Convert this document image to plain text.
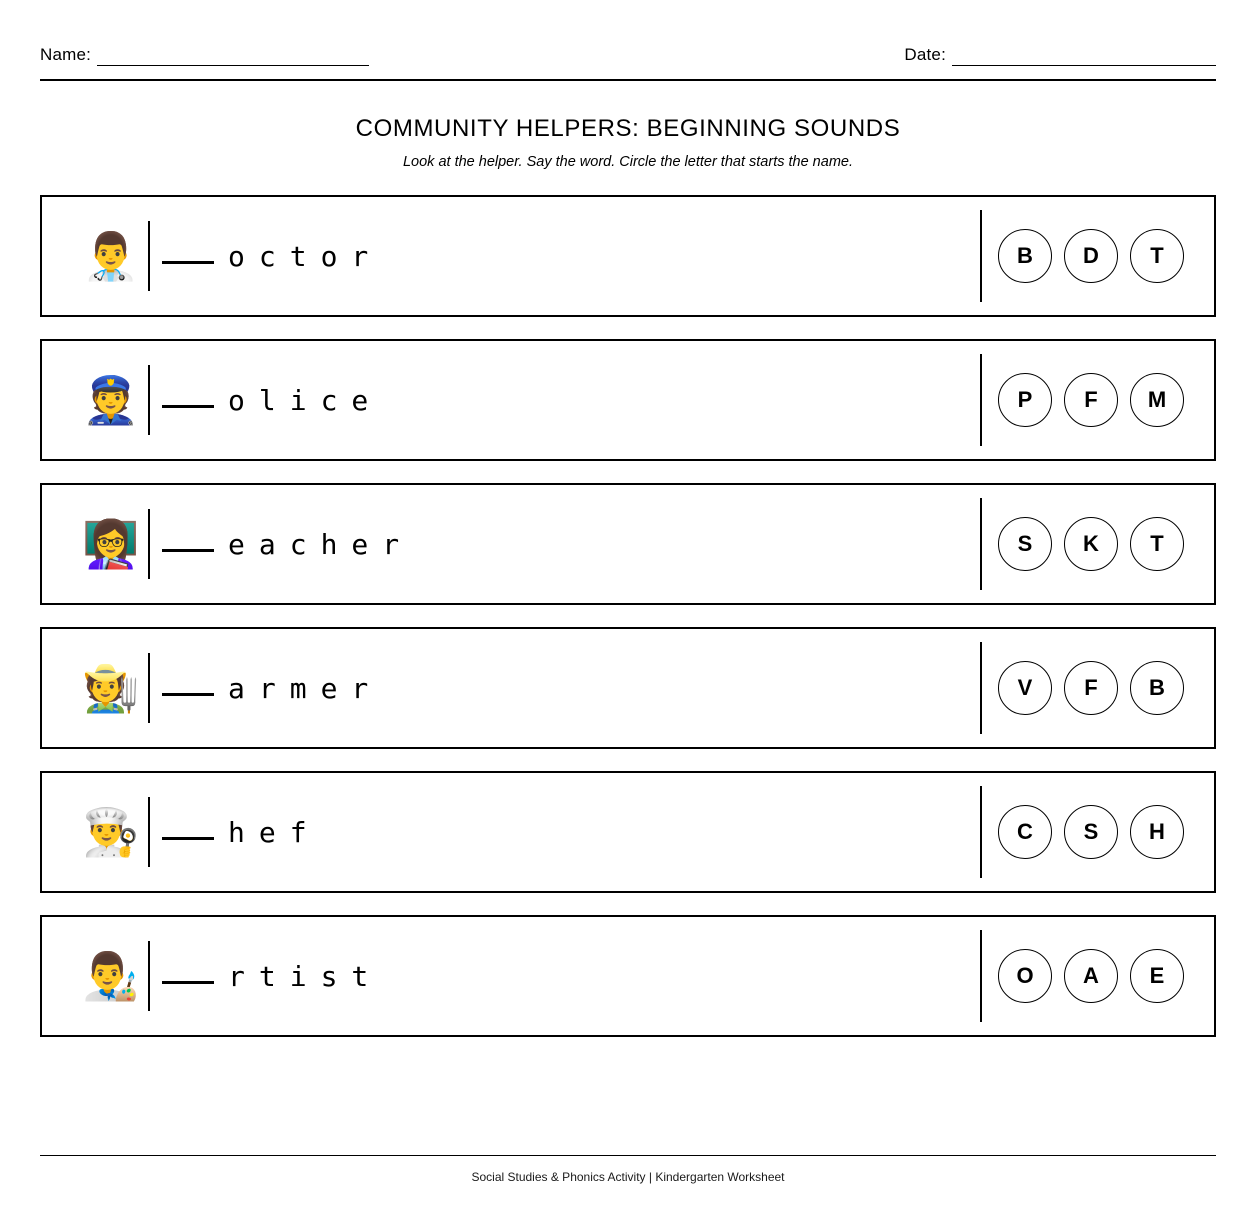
Name:	Date:
COMMUNITY HELPERS: BEGINNING SOUNDS

Look at the helper. Say the word. Circle the letter that starts the name.

👨‍⚕️	octor	B	D	T
👮	olice	P	F	M
👩‍🏫	eacher	S	K	T
🧑‍🌾	armer	V	F	B
👨‍🍳	hef	C	S	H
👨‍🎨	rtist	O	A	E
Social Studies & Phonics Activity | Kindergarten Worksheet
